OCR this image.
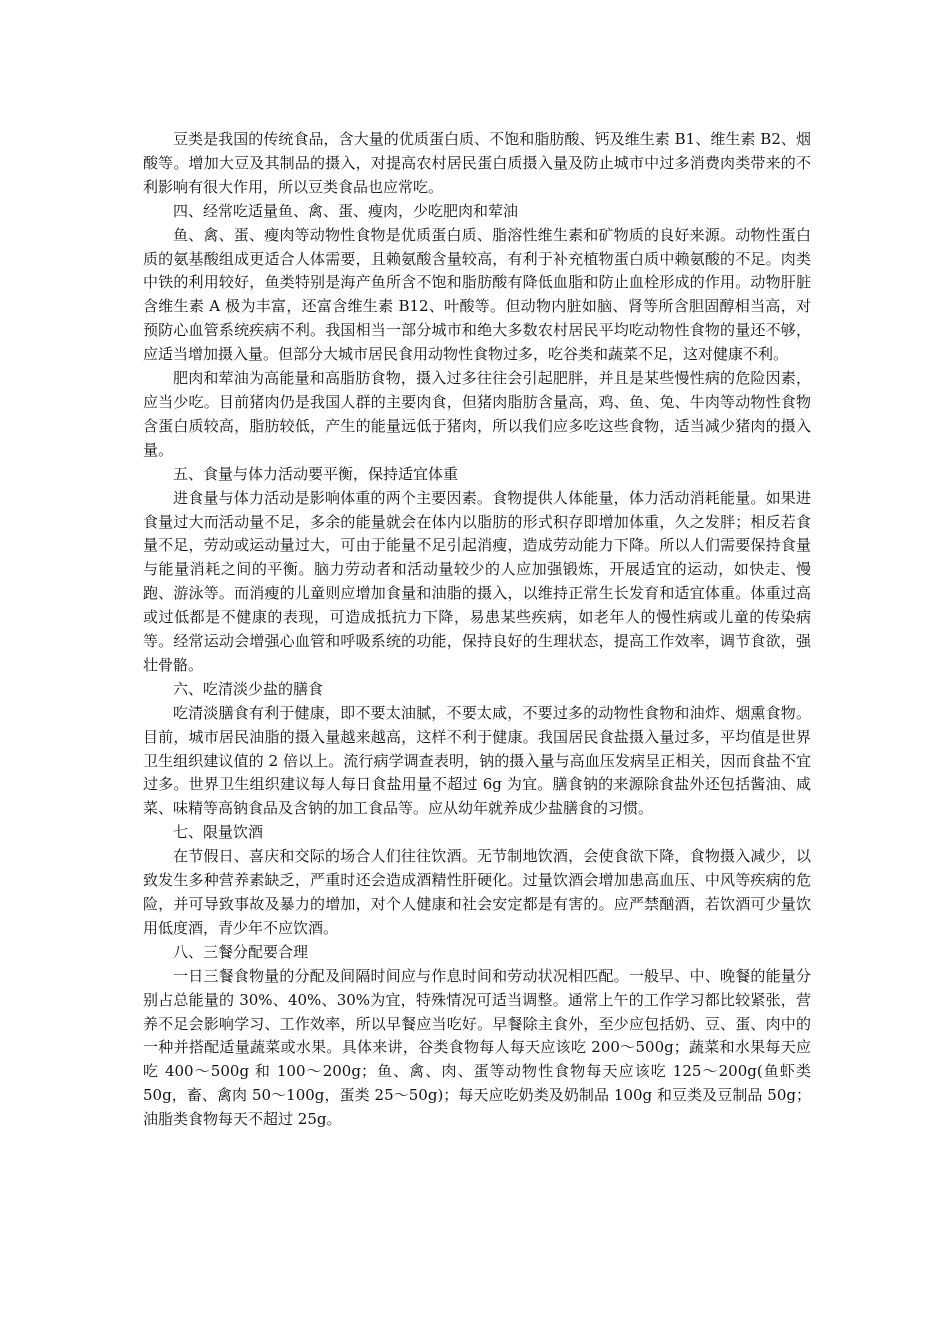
豆类是我国的传统食品，含大量的优质蛋白质、不饱和脂肪酸、钙及维生素 B1、维生素 B2、烟酸等。增加大豆及其制品的摄入，对提高农村居民蛋白质摄入量及防止城市中过多消费肉类带来的不利影响有很大作用，所以豆类食品也应常吃。

四、经常吃适量鱼、禽、蛋、瘦肉，少吃肥肉和荤油

鱼、禽、蛋、瘦肉等动物性食物是优质蛋白质、脂溶性维生素和矿物质的良好来源。动物性蛋白质的氨基酸组成更适合人体需要，且赖氨酸含量较高，有利于补充植物蛋白质中赖氨酸的不足。肉类中铁的利用较好，鱼类特别是海产鱼所含不饱和脂肪酸有降低血脂和防止血栓形成的作用。动物肝脏含维生素 A 极为丰富，还富含维生素 B12、叶酸等。但动物内脏如脑、肾等所含胆固醇相当高，对预防心血管系统疾病不利。我国相当一部分城市和绝大多数农村居民平均吃动物性食物的量还不够，应适当增加摄入量。但部分大城市居民食用动物性食物过多，吃谷类和蔬菜不足，这对健康不利。

肥肉和荤油为高能量和高脂肪食物，摄入过多往往会引起肥胖，并且是某些慢性病的危险因素，应当少吃。目前猪肉仍是我国人群的主要肉食，但猪肉脂肪含量高，鸡、鱼、兔、牛肉等动物性食物含蛋白质较高，脂肪较低，产生的能量远低于猪肉，所以我们应多吃这些食物，适当减少猪肉的摄入量。

五、食量与体力活动要平衡，保持适宜体重

进食量与体力活动是影响体重的两个主要因素。食物提供人体能量，体力活动消耗能量。如果进食量过大而活动量不足，多余的能量就会在体内以脂肪的形式积存即增加体重，久之发胖；相反若食量不足，劳动或运动量过大，可由于能量不足引起消瘦，造成劳动能力下降。所以人们需要保持食量与能量消耗之间的平衡。脑力劳动者和活动量较少的人应加强锻炼，开展适宜的运动，如快走、慢跑、游泳等。而消瘦的儿童则应增加食量和油脂的摄入，以维持正常生长发育和适宜体重。体重过高或过低都是不健康的表现，可造成抵抗力下降，易患某些疾病，如老年人的慢性病或儿童的传染病等。经常运动会增强心血管和呼吸系统的功能，保持良好的生理状态，提高工作效率，调节食欲，强壮骨骼。

六、吃清淡少盐的膳食

吃清淡膳食有利于健康，即不要太油腻，不要太咸，不要过多的动物性食物和油炸、烟熏食物。目前，城市居民油脂的摄入量越来越高，这样不利于健康。我国居民食盐摄入量过多，平均值是世界卫生组织建议值的 2 倍以上。流行病学调查表明，钠的摄入量与高血压发病呈正相关，因而食盐不宜过多。世界卫生组织建议每人每日食盐用量不超过 6g 为宜。膳食钠的来源除食盐外还包括酱油、咸菜、味精等高钠食品及含钠的加工食品等。应从幼年就养成少盐膳食的习惯。

七、限量饮酒

在节假日、喜庆和交际的场合人们往往饮酒。无节制地饮酒，会使食欲下降，食物摄入减少，以致发生多种营养素缺乏，严重时还会造成酒精性肝硬化。过量饮酒会增加患高血压、中风等疾病的危险，并可导致事故及暴力的增加，对个人健康和社会安定都是有害的。应严禁酗酒，若饮酒可少量饮用低度酒，青少年不应饮酒。

八、三餐分配要合理

一日三餐食物量的分配及间隔时间应与作息时间和劳动状况相匹配。一般早、中、晚餐的能量分别占总能量的 30%、40%、30%为宜，特殊情况可适当调整。通常上午的工作学习都比较紧张，营养不足会影响学习、工作效率，所以早餐应当吃好。早餐除主食外，至少应包括奶、豆、蛋、肉中的一种并搭配适量蔬菜或水果。具体来讲，谷类食物每人每天应该吃 200～500g；蔬菜和水果每天应吃 400～500g 和 100～200g；鱼、禽、肉、蛋等动物性食物每天应该吃 125～200g(鱼虾类 50g，畜、禽肉 50～100g，蛋类 25～50g)；每天应吃奶类及奶制品 100g 和豆类及豆制品 50g；油脂类食物每天不超过 25g。
